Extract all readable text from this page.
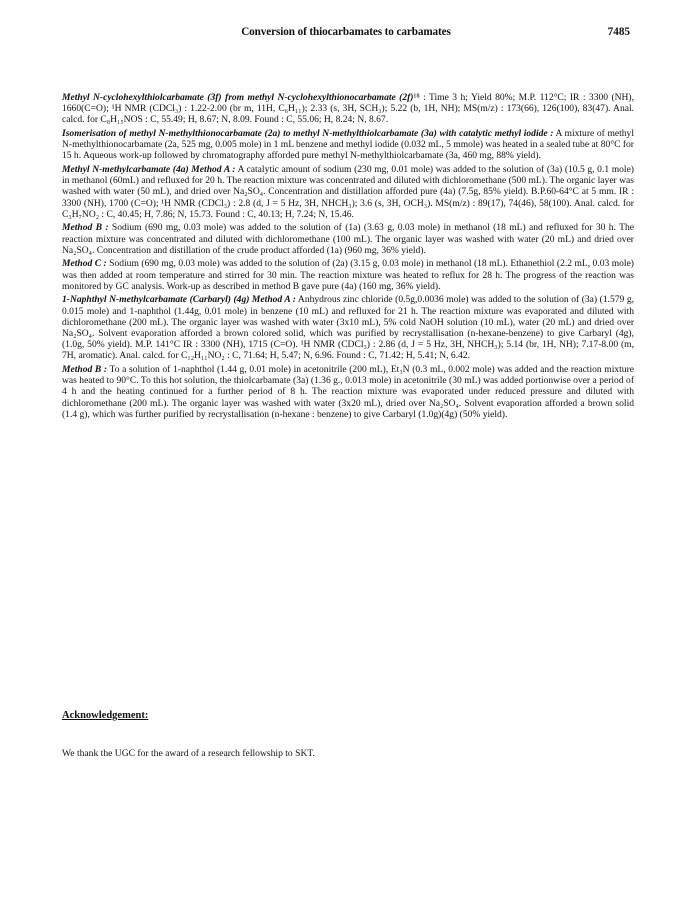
Conversion of thiocarbamates to carbamates	7485

Methyl N-cyclohexylthiolcarbamate (3f) from methyl N-cyclohexylthionocarbamate (2f)¹⁸ : Time 3 h; Yield 80%; M.P. 112°C; IR : 3300 (NH), 1660(C=O); ¹H NMR (CDCl₃) : 1.22-2.00 (br m, 11H, C₆H₁₁); 2.33 (s, 3H, SCH₃); 5.22 (b, 1H, NH); MS(m/z) : 173(66), 126(100), 83(47). Anal. calcd. for C₈H₁₅NOS : C, 55.49; H, 8.67; N, 8.09. Found : C, 55.06; H, 8.24; N, 8.67.

Isomerisation of methyl N-methylthionocarbamate (2a) to methyl N-methylthiolcarbamate (3a) with catalytic methyl iodide : A mixture of methyl N-methylthionocarbamate (2a, 525 mg, 0.005 mole) in 1 mL benzene and methyl iodide (0.032 mL, 5 mmole) was heated in a sealed tube at 80°C for 15 h. Aqueous work-up followed by chromatography afforded pure methyl N-methylthiolcarbamate (3a, 460 mg, 88% yield).

Methyl N-methylcarbamate (4a) Method A : A catalytic amount of sodium (230 mg, 0.01 mole) was added to the solution of (3a) (10.5 g, 0.1 mole) in methanol (60mL) and refluxed for 20 h. The reaction mixture was concentrated and diluted with dichloromethane (500 mL). The organic layer was washed with water (50 mL), and dried over Na₂SO₄. Concentration and distillation afforded pure (4a) (7.5g, 85% yield). B.P.60-64°C at 5 mm. IR : 3300 (NH), 1700 (C=O); ¹H NMR (CDCl₃) : 2.8 (d, J = 5 Hz, 3H, NHCH₃); 3.6 (s, 3H, OCH₃). MS(m/z) : 89(17), 74(46), 58(100). Anal. calcd. for C₃H₇NO₂ : C, 40.45; H, 7.86; N, 15.73. Found : C, 40.13; H, 7.24; N, 15.46.

Method B : Sodium (690 mg, 0.03 mole) was added to the solution of (1a) (3.63 g, 0.03 mole) in methanol (18 mL) and refluxed for 30 h. The reaction mixture was concentrated and diluted with dichloromethane (100 mL). The organic layer was washed with water (20 mL) and dried over Na₂SO₄. Concentration and distillation of the crude product afforded (1a) (960 mg, 36% yield).

Method C : Sodium (690 mg, 0.03 mole) was added to the solution of (2a) (3.15 g, 0.03 mole) in methanol (18 mL). Ethanethiol (2.2 mL, 0.03 mole) was then added at room temperature and stirred for 30 min. The reaction mixture was heated to reflux for 28 h. The progress of the reaction was monitored by GC analysis. Work-up as described in method B gave pure (4a) (160 mg, 36% yield).

1-Naphthyl N-methylcarbamate (Carbaryl) (4g) Method A : Anhydrous zinc chloride (0.5g,0.0036 mole) was added to the solution of (3a) (1.579 g, 0.015 mole) and 1-naphthol (1.44g, 0.01 mole) in benzene (10 mL) and refluxed for 21 h. The reaction mixture was evaporated and diluted with dichloromethane (200 mL). The organic layer was washed with water (3x10 mL), 5% cold NaOH solution (10 mL), water (20 mL) and dried over Na₂SO₄. Solvent evaporation afforded a brown colored solid, which was purified by recrystallisation (n-hexane-benzene) to give Carbaryl (4g), (1.0g, 50% yield). M.P. 141°C IR : 3300 (NH), 1715 (C=O). ¹H NMR (CDCl₃) : 2.86 (d, J = 5 Hz, 3H, NHCH₃); 5.14 (br, 1H, NH); 7.17-8.00 (m, 7H, aromatic). Anal. calcd. for C₁₂H₁₁NO₂ : C, 71.64; H, 5.47; N, 6.96. Found : C, 71.42; H, 5.41; N, 6.42.

Method B : To a solution of 1-naphthol (1.44 g, 0.01 mole) in acetonitrile (200 mL), Et₃N (0.3 mL, 0.002 mole) was added and the reaction mixture was heated to 90°C. To this hot solution, the thiolcarbamate (3a) (1.36 g., 0.013 mole) in acetonitrile (30 mL) was added portionwise over a period of 4 h and the heating continued for a further period of 8 h. The reaction mixture was evaporated under reduced pressure and diluted with dichloromethane (200 mL). The organic layer was washed with water (3x20 mL), dried over Na₂SO₄. Solvent evaporation afforded a brown solid (1.4 g), which was further purified by recrystallisation (n-hexane : benzene) to give Carbaryl (1.0g)(4g) (50% yield).

Acknowledgement:
We thank the UGC for the award of a research fellowship to SKT.
